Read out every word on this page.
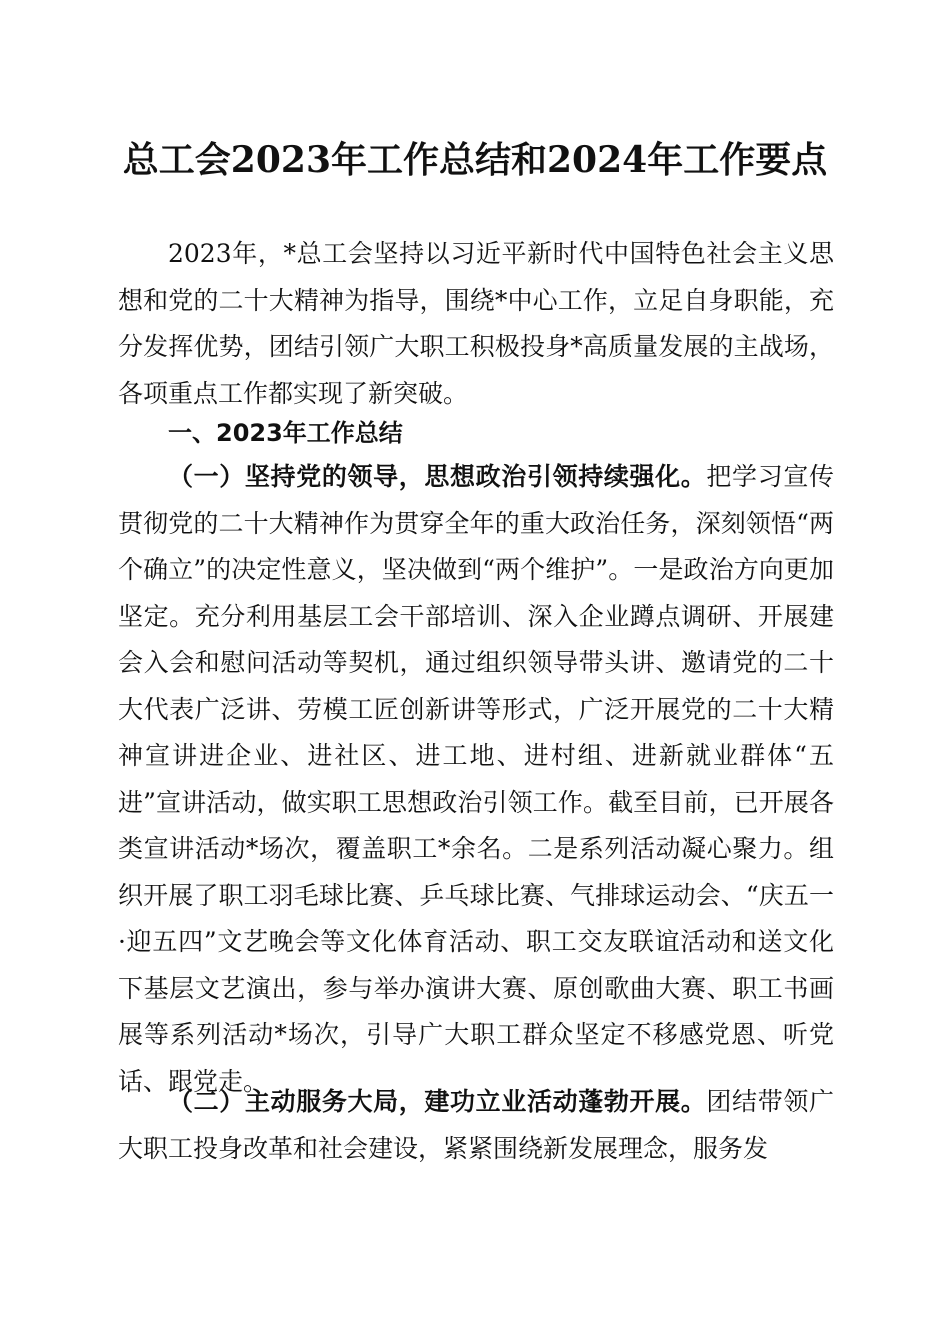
总工会2023年工作总结和2024年工作要点

2023年，*总工会坚持以习近平新时代中国特色社会主义思想和党的二十大精神为指导，围绕*中心工作，立足自身职能，充分发挥优势，团结引领广大职工积极投身*高质量发展的主战场，各项重点工作都实现了新突破。

一、2023年工作总结

（一）坚持党的领导，思想政治引领持续强化。把学习宣传贯彻党的二十大精神作为贯穿全年的重大政治任务，深刻领悟“两个确立”的决定性意义，坚决做到“两个维护”。一是政治方向更加坚定。充分利用基层工会干部培训、深入企业蹲点调研、开展建会入会和慰问活动等契机，通过组织领导带头讲、邀请党的二十大代表广泛讲、劳模工匠创新讲等形式，广泛开展党的二十大精神宣讲进企业、进社区、进工地、进村组、进新就业群体“五进”宣讲活动，做实职工思想政治引领工作。截至目前，已开展各类宣讲活动*场次，覆盖职工*余名。二是系列活动凝心聚力。组织开展了职工羽毛球比赛、乒乓球比赛、气排球运动会、“庆五一·迎五四”文艺晚会等文化体育活动、职工交友联谊活动和送文化下基层文艺演出，参与举办演讲大赛、原创歌曲大赛、职工书画展等系列活动*场次，引导广大职工群众坚定不移感党恩、听党话、跟党走。

（二）主动服务大局，建功立业活动蓬勃开展。团结带领广大职工投身改革和社会建设，紧紧围绕新发展理念，服务发
